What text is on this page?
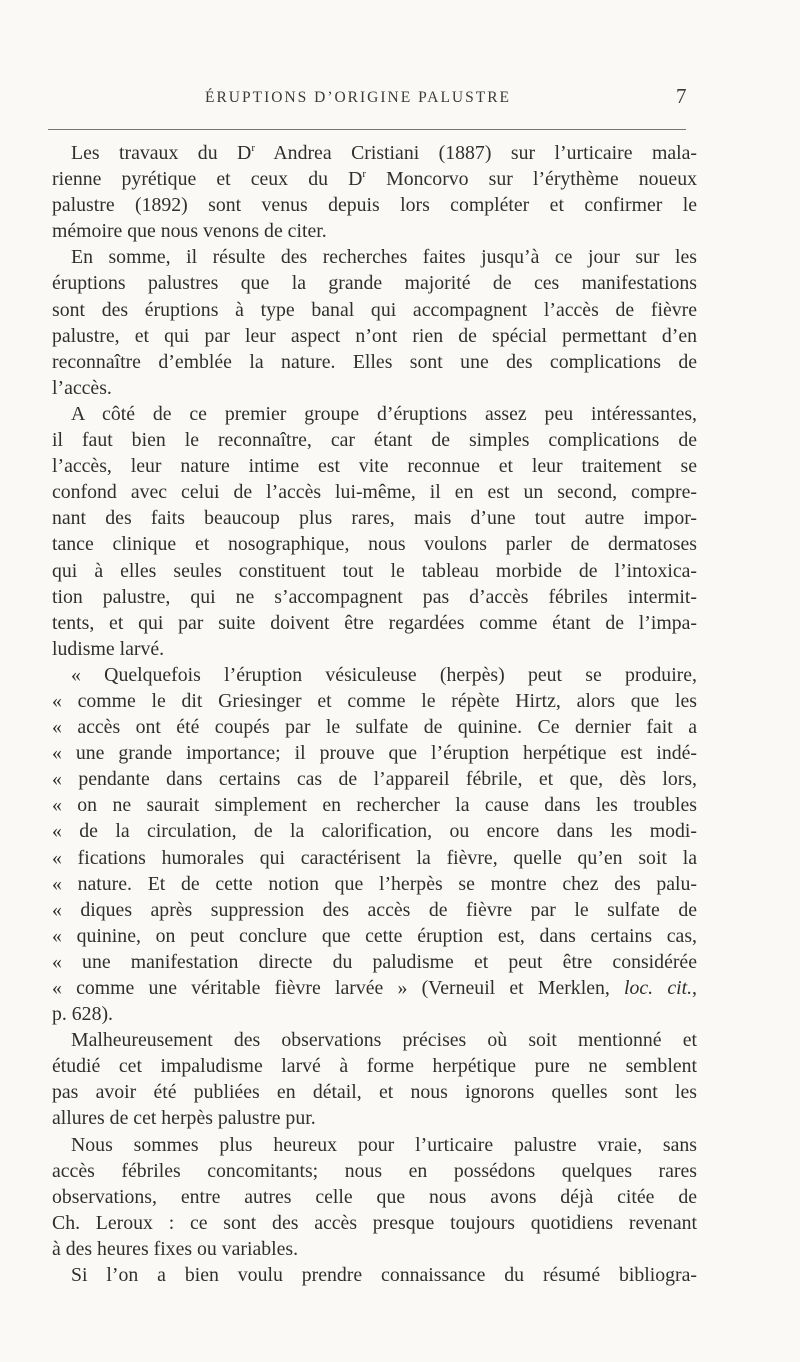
ÉRUPTIONS D’ORIGINE PALUSTRE	7
Les travaux du $D^r$ Andrea Cristiani (1887) sur l’urticaire mala-
rienne pyrétique et ceux du $D^r$ Moncorvo sur l’érythème noueux
palustre (1892) sont venus depuis lors compléter et confirmer le
mémoire que nous venons de citer.
En somme, il résulte des recherches faites jusqu’à ce jour sur les
éruptions palustres que la grande majorité de ces manifestations
sont des éruptions à type banal qui accompagnent l’accès de fièvre
palustre, et qui par leur aspect n’ont rien de spécial permettant d’en
reconnaître d’emblée la nature. Elles sont une des complications de
l’accès.
A côté de ce premier groupe d’éruptions assez peu intéressantes,
il faut bien le reconnaître, car étant de simples complications de
l’accès, leur nature intime est vite reconnue et leur traitement se
confond avec celui de l’accès lui-même, il en est un second, compre-
nant des faits beaucoup plus rares, mais d’une tout autre impor-
tance clinique et nosographique, nous voulons parler de dermatoses
qui à elles seules constituent tout le tableau morbide de l’intoxica-
tion palustre, qui ne s’accompagnent pas d’accès fébriles intermit-
tents, et qui par suite doivent être regardées comme étant de l’impa-
ludisme larvé.
« Quelquefois l’éruption vésiculeuse (herpès) peut se produire,
« comme le dit Griesinger et comme le répète Hirtz, alors que les
« accès ont été coupés par le sulfate de quinine. Ce dernier fait a
« une grande importance; il prouve que l’éruption herpétique est indé-
« pendante dans certains cas de l’appareil fébrile, et que, dès lors,
« on ne saurait simplement en rechercher la cause dans les troubles
« de la circulation, de la calorification, ou encore dans les modi-
« fications humorales qui caractérisent la fièvre, quelle qu’en soit la
« nature. Et de cette notion que l’herpès se montre chez des palu-
« diques après suppression des accès de fièvre par le sulfate de
« quinine, on peut conclure que cette éruption est, dans certains cas,
« une manifestation directe du paludisme et peut être considérée
« comme une véritable fièvre larvée » (Verneuil et Merklen, loc. cit.,
p. 628).
Malheureusement des observations précises où soit mentionné et
étudié cet impaludisme larvé à forme herpétique pure ne semblent
pas avoir été publiées en détail, et nous ignorons quelles sont les
allures de cet herpès palustre pur.
Nous sommes plus heureux pour l’urticaire palustre vraie, sans
accès fébriles concomitants; nous en possédons quelques rares
observations, entre autres celle que nous avons déjà citée de
Ch. Leroux : ce sont des accès presque toujours quotidiens revenant
à des heures fixes ou variables.
Si l’on a bien voulu prendre connaissance du résumé bibliogra-
